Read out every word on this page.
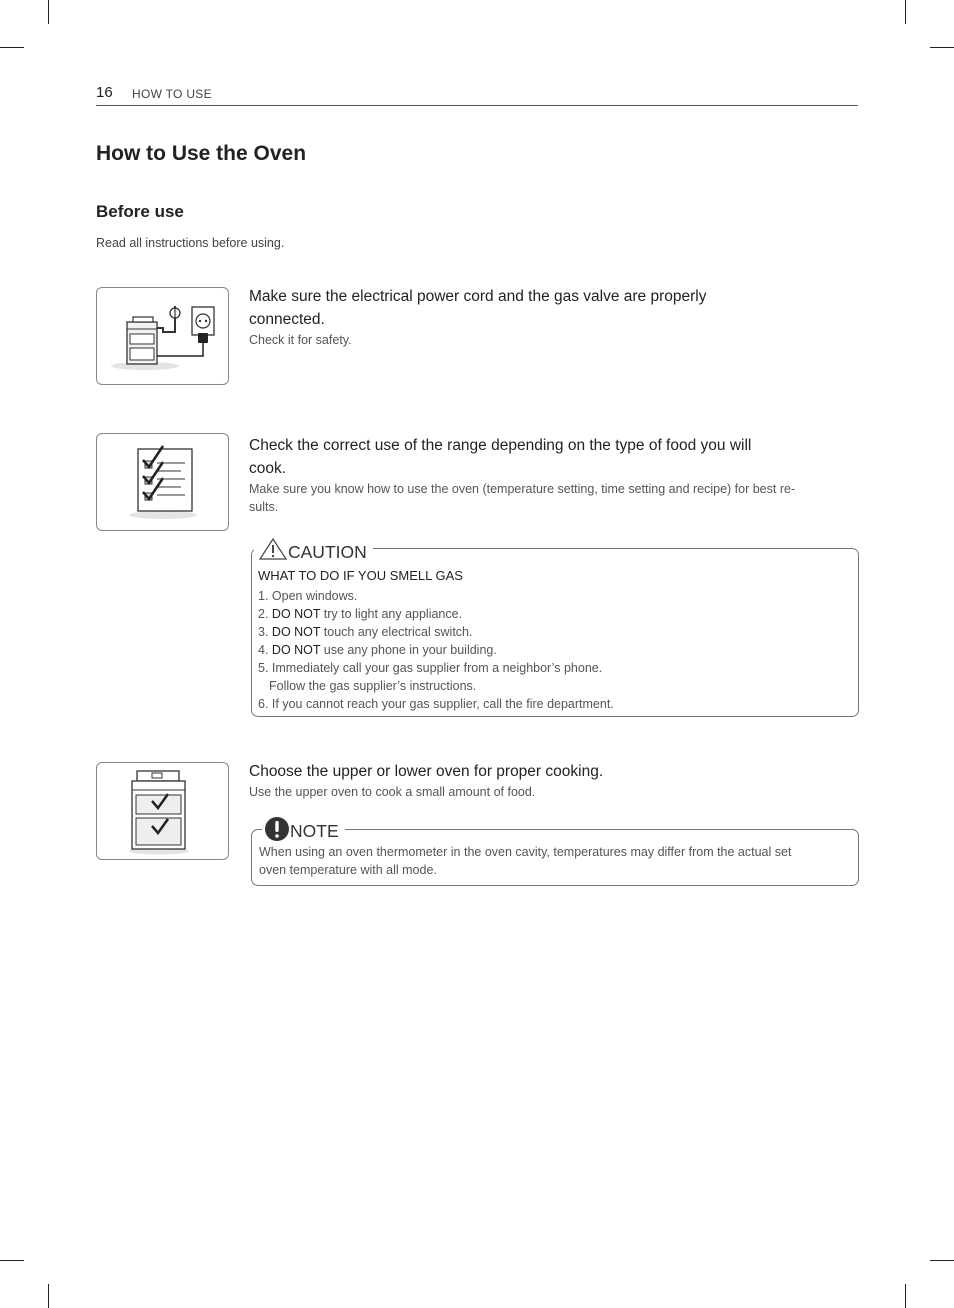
16 HOW TO USE
How to Use the Oven
Before use
Read all instructions before using.
Make sure the electrical power cord and the gas valve are properly
connected.
Check it for safety.
Check the correct use of the range depending on the type of food you will
cook.
Make sure you know how to use the oven (temperature setting, time setting and recipe) for best re-
sults.
CAUTION
WHAT TO DO IF YOU SMELL GAS
1. Open windows.
2. DO NOT try to light any appliance.
3. DO NOT touch any electrical switch.
4. DO NOT use any phone in your building.
5. Immediately call your gas supplier from a neighbor’s phone.
Follow the gas supplier’s instructions.
6. If you cannot reach your gas supplier, call the fire department.
Choose the upper or lower oven for proper cooking.
Use the upper oven to cook a small amount of food.
NOTE
When using an oven thermometer in the oven cavity, temperatures may differ from the actual set
oven temperature with all mode.
